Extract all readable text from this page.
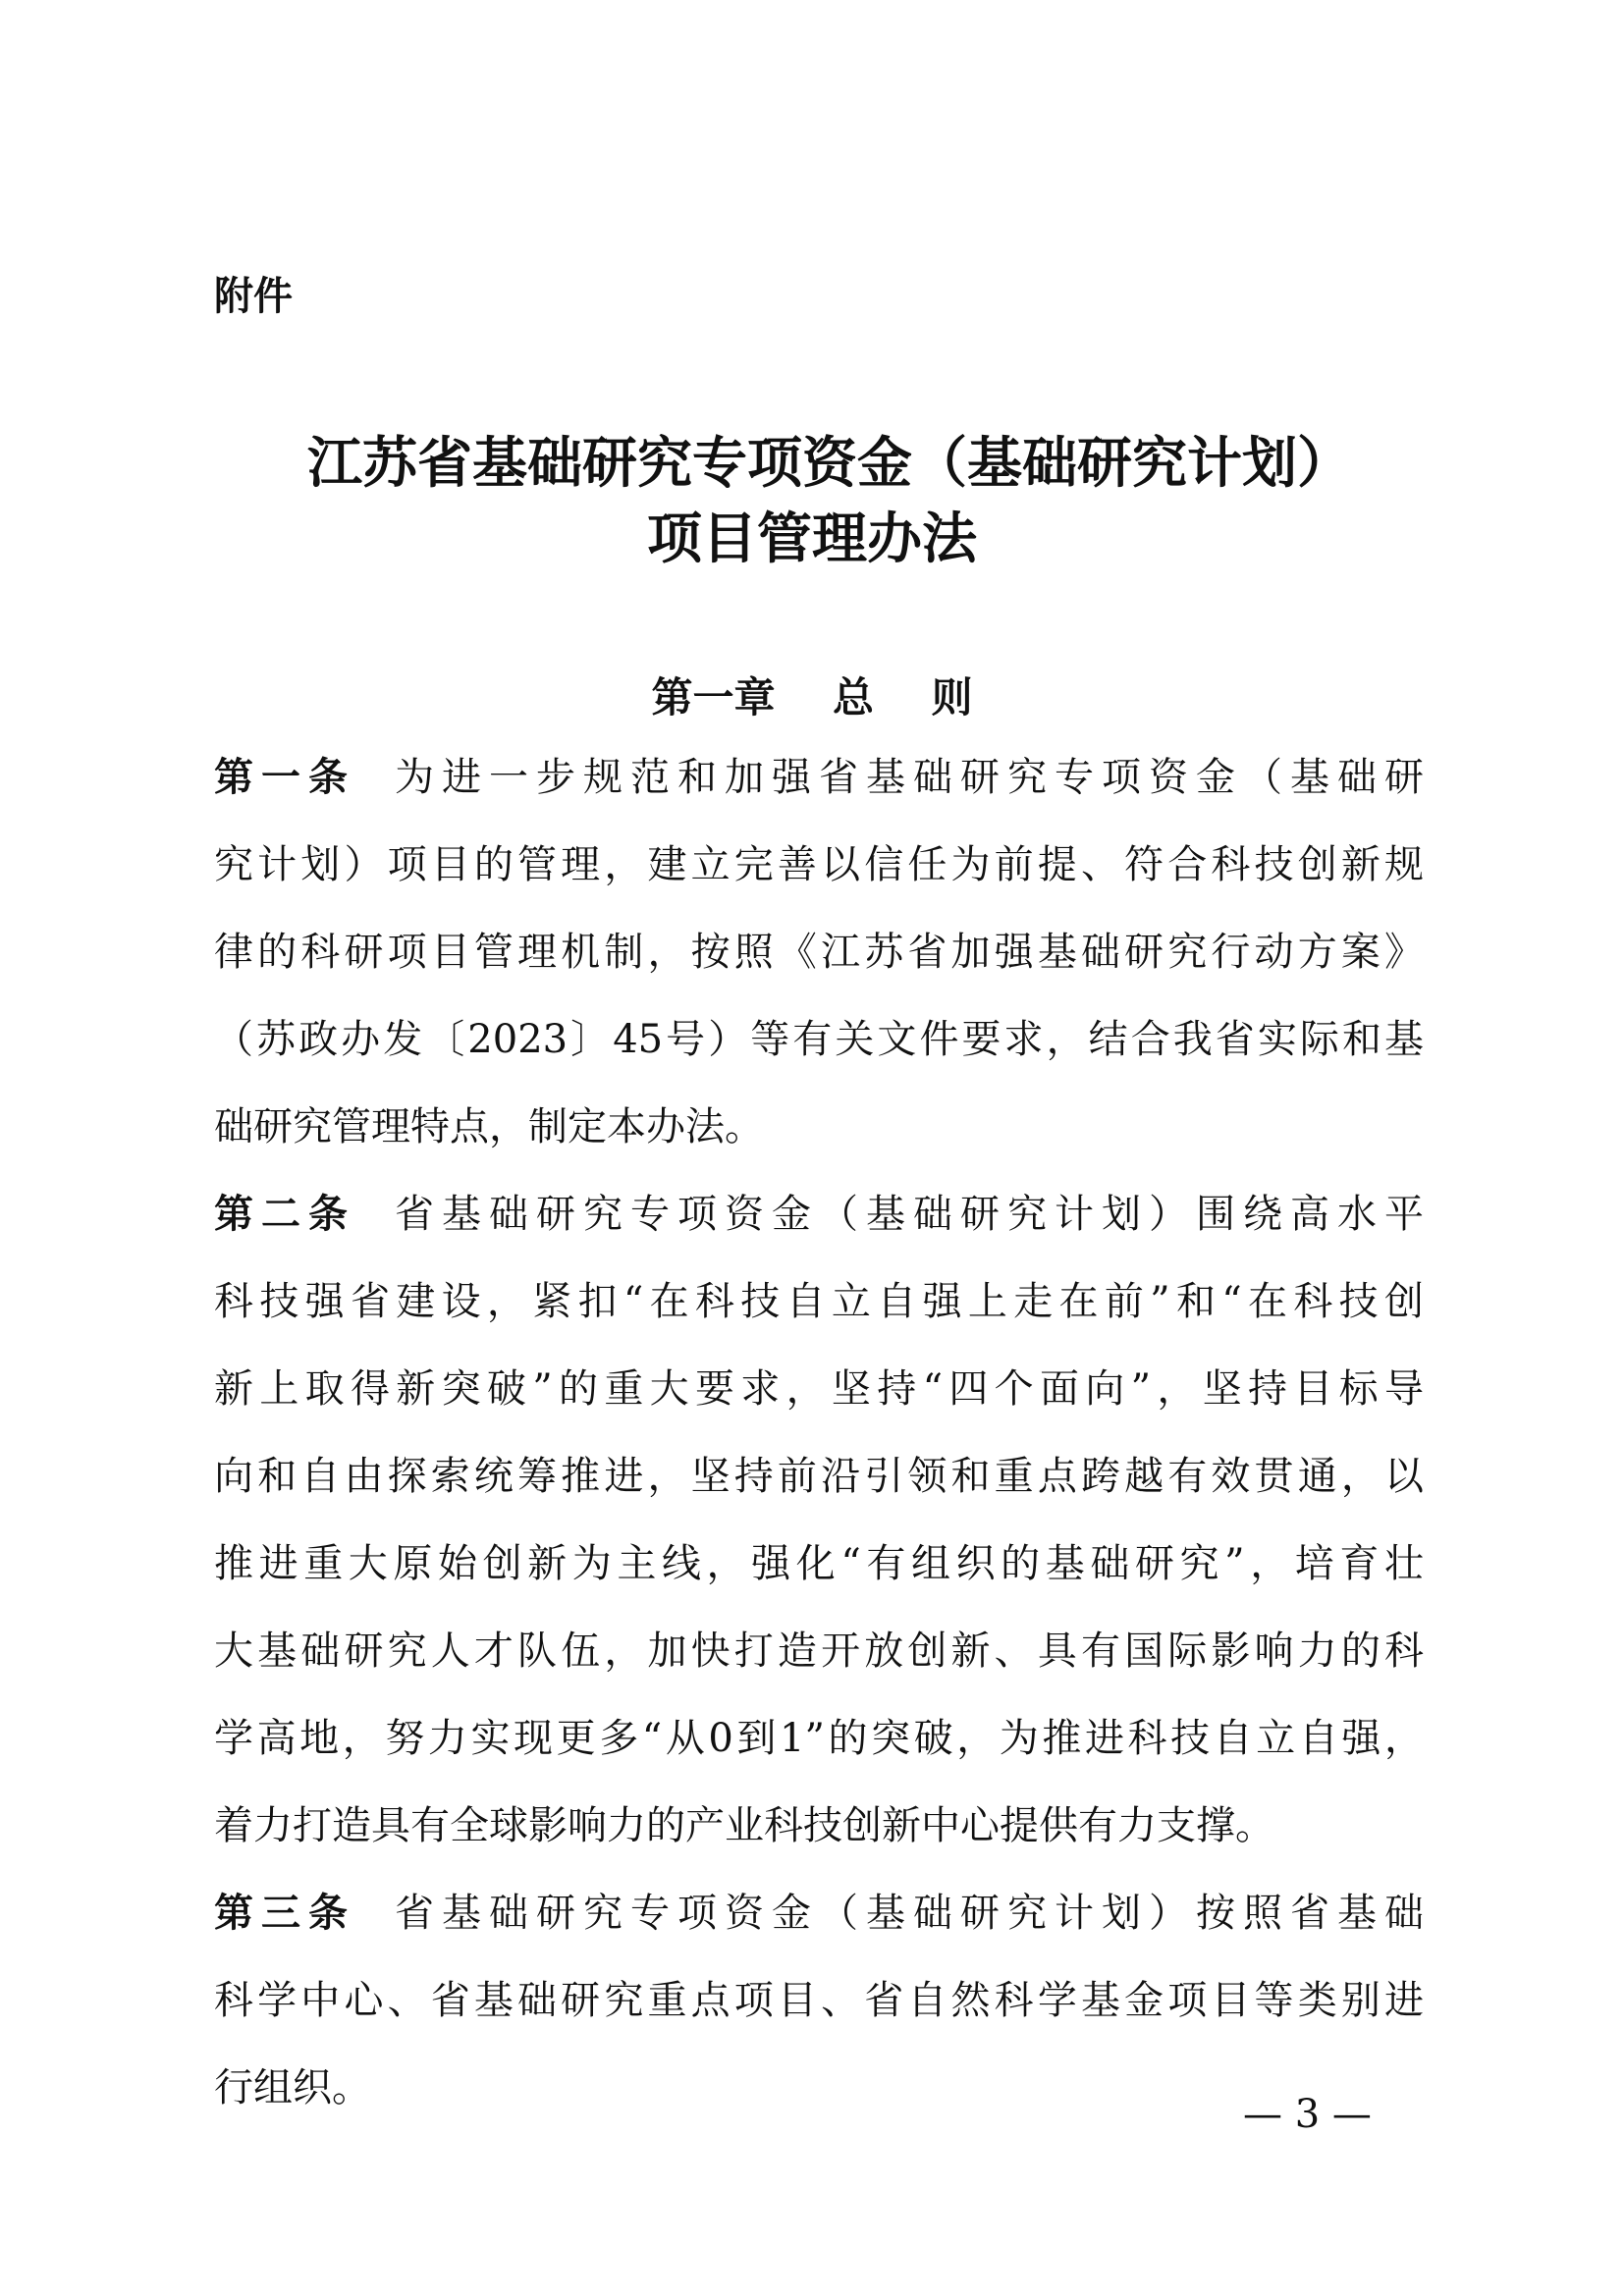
附件
江苏省基础研究专项资金（基础研究计划）
项目管理办法
第一章    总    则
第一条 为进一步规范和加强省基础研究专项资金（基础研
究计划）项目的管理，建立完善以信任为前提、符合科技创新规
律的科研项目管理机制，按照《江苏省加强基础研究行动方案》
（苏政办发〔2023〕45号）等有关文件要求，结合我省实际和基
础研究管理特点，制定本办法。
第二条 省基础研究专项资金（基础研究计划）围绕高水平
科技强省建设，紧扣“在科技自立自强上走在前”和“在科技创
新上取得新突破”的重大要求，坚持“四个面向”，坚持目标导
向和自由探索统筹推进，坚持前沿引领和重点跨越有效贯通，以
推进重大原始创新为主线，强化“有组织的基础研究”，培育壮
大基础研究人才队伍，加快打造开放创新、具有国际影响力的科
学高地，努力实现更多“从0到1”的突破，为推进科技自立自强，
着力打造具有全球影响力的产业科技创新中心提供有力支撑。
第三条 省基础研究专项资金（基础研究计划）按照省基础
科学中心、省基础研究重点项目、省自然科学基金项目等类别进
行组织。
— 3 —
